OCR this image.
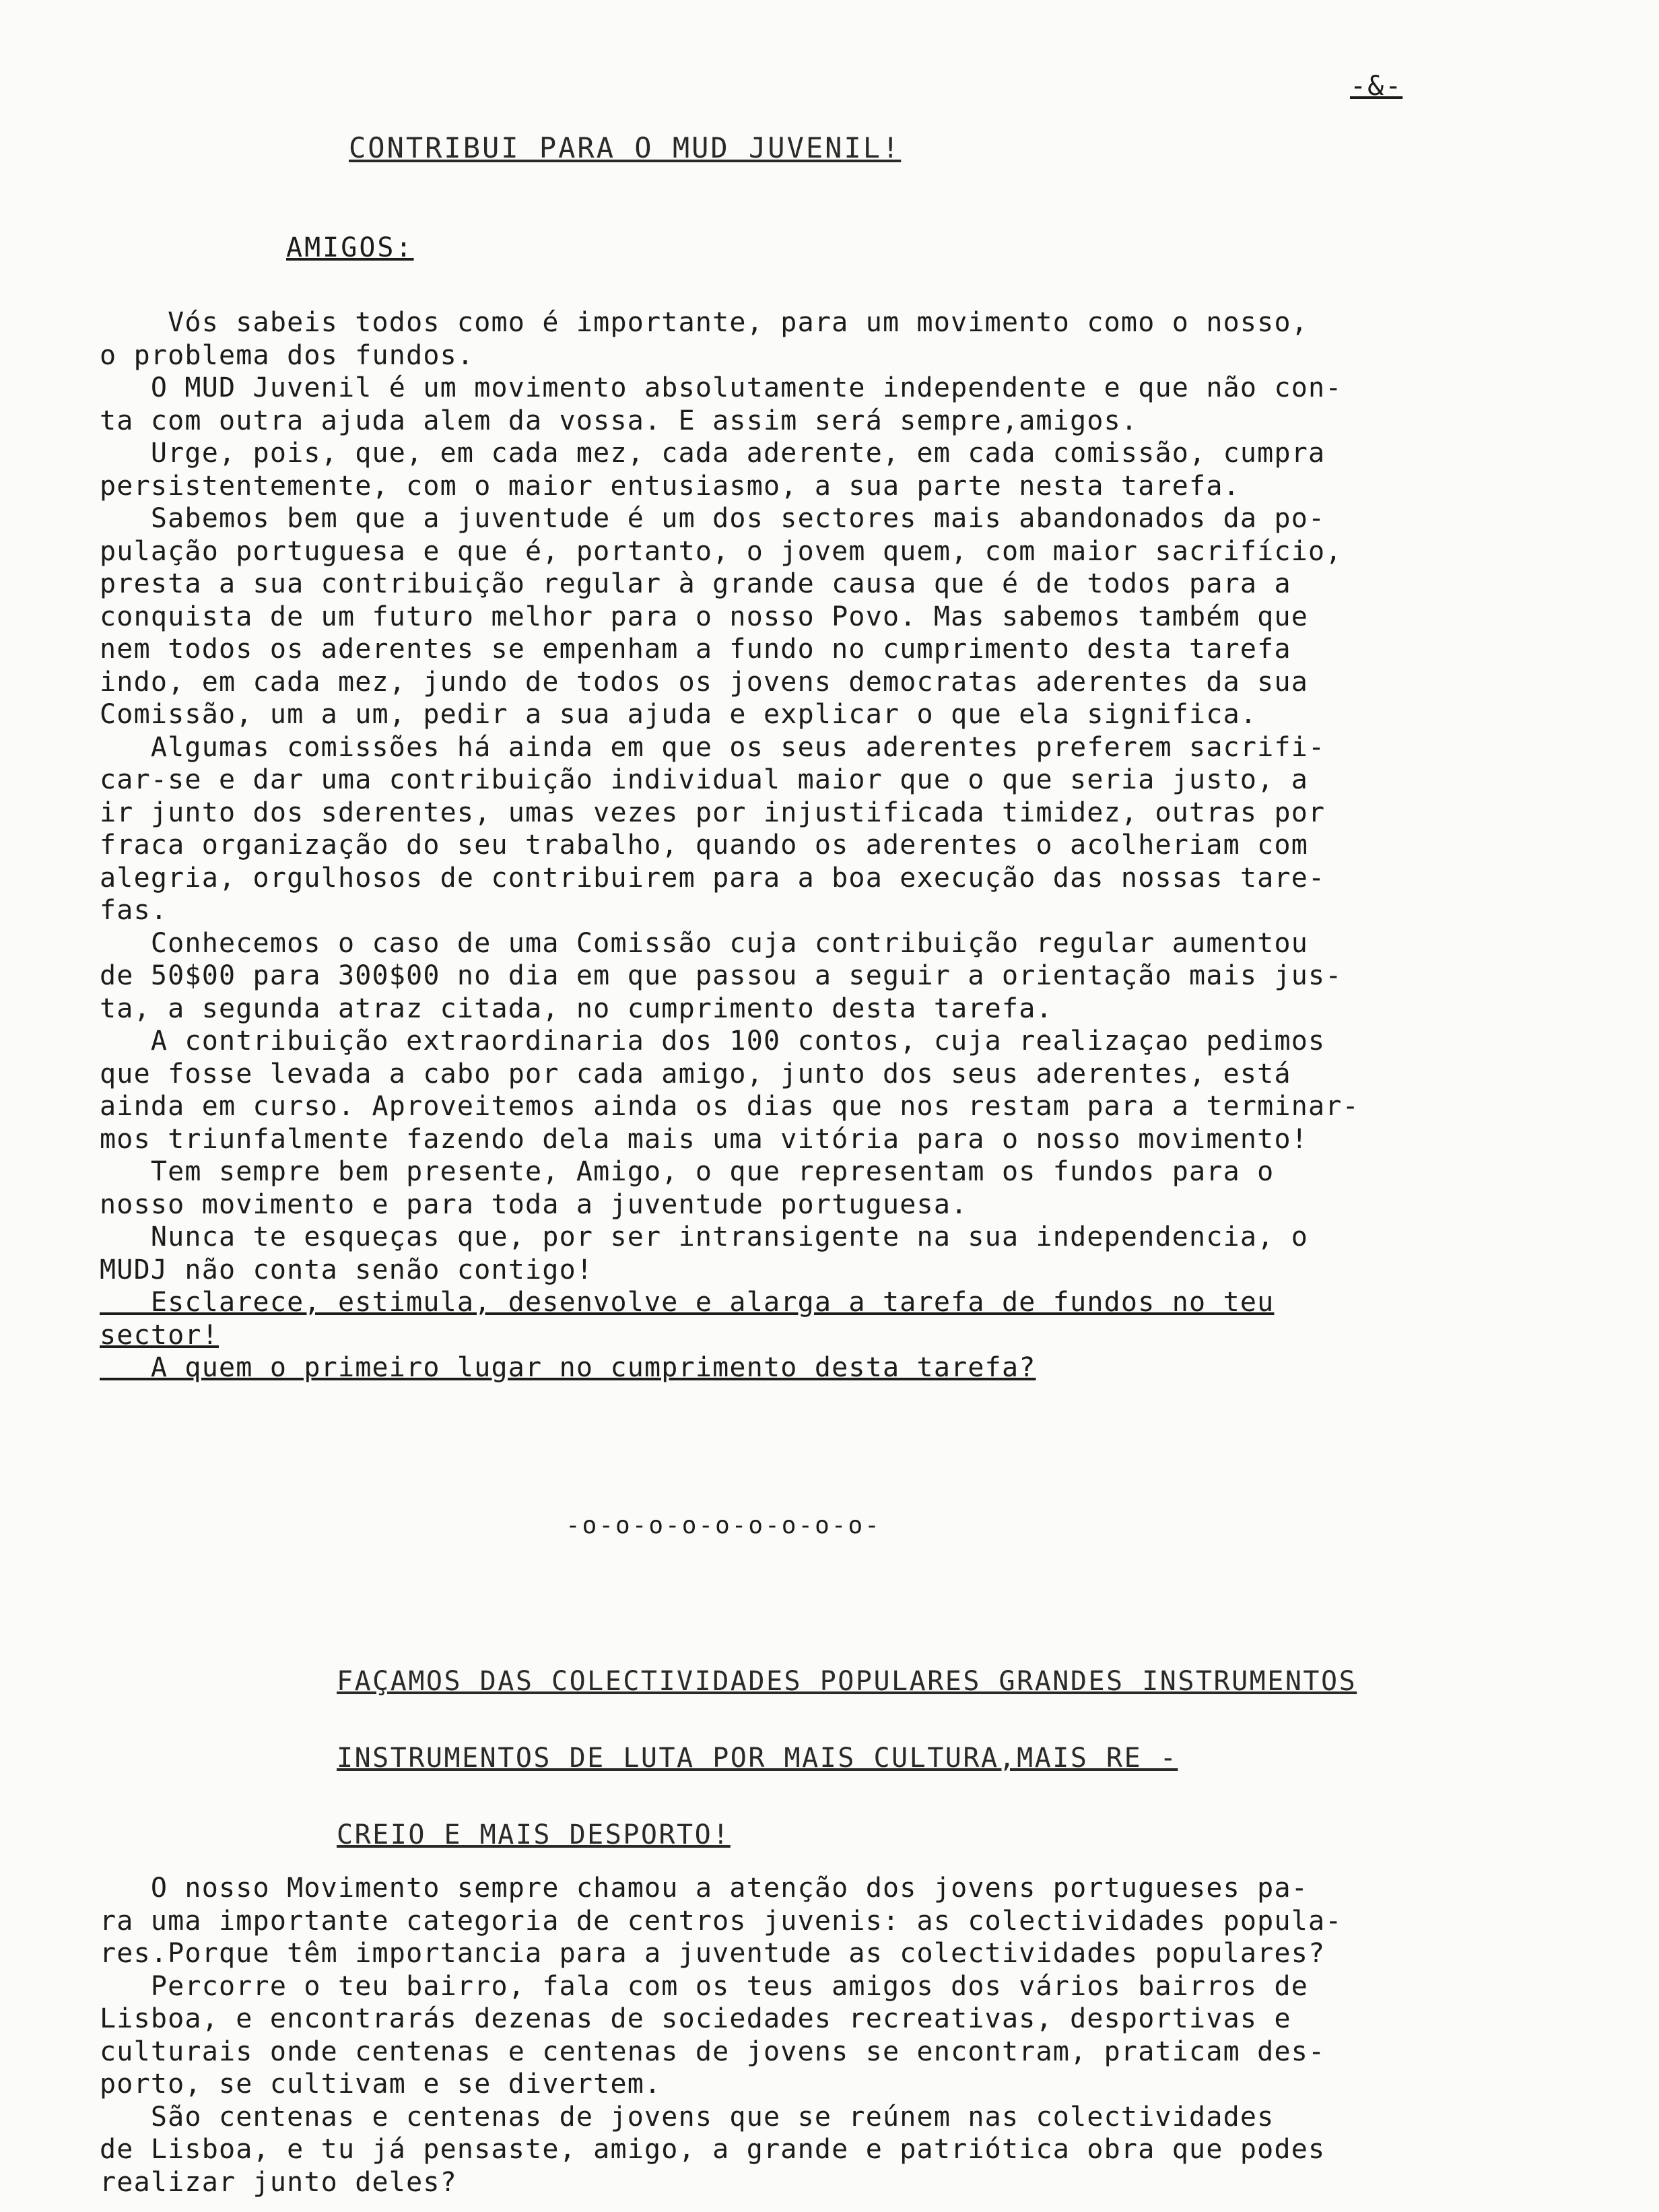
-&-
CONTRIBUI PARA O MUD JUVENIL!
AMIGOS:
Vós sabeis todos como é importante, para um movimento como o nosso,
o problema dos fundos.
O MUD Juvenil é um movimento absolutamente independente e que não con-
ta com outra ajuda alem da vossa. E assim será sempre,amigos.
Urge, pois, que, em cada mez, cada aderente, em cada comissão, cumpra
persistentemente, com o maior entusiasmo, a sua parte nesta tarefa.
Sabemos bem que a juventude é um dos sectores mais abandonados da po-
pulação portuguesa e que é, portanto, o jovem quem, com maior sacrifício,
presta a sua contribuição regular à grande causa que é de todos para a
conquista de um futuro melhor para o nosso Povo. Mas sabemos também que
nem todos os aderentes se empenham a fundo no cumprimento desta tarefa
indo, em cada mez, jundo de todos os jovens democratas aderentes da sua
Comissão, um a um, pedir a sua ajuda e explicar o que ela significa.
Algumas comissões há ainda em que os seus aderentes preferem sacrifi-
car-se e dar uma contribuição individual maior que o que seria justo, a
ir junto dos sderentes, umas vezes por injustificada timidez, outras por
fraca organização do seu trabalho, quando os aderentes o acolheriam com
alegria, orgulhosos de contribuirem para a boa execução das nossas tare-
fas.
Conhecemos o caso de uma Comissão cuja contribuição regular aumentou
de 50$00 para 300$00 no dia em que passou a seguir a orientação mais jus-
ta, a segunda atraz citada, no cumprimento desta tarefa.
A contribuição extraordinaria dos 100 contos, cuja realizaçao pedimos
que fosse levada a cabo por cada amigo, junto dos seus aderentes, está
ainda em curso. Aproveitemos ainda os dias que nos restam para a terminar-
mos triunfalmente fazendo dela mais uma vitória para o nosso movimento!
Tem sempre bem presente, Amigo, o que representam os fundos para o
nosso movimento e para toda a juventude portuguesa.
Nunca te esqueças que, por ser intransigente na sua independencia, o
MUDJ não conta senão contigo!
Esclarece, estimula, desenvolve e alarga a tarefa de fundos no teu
sector!
A quem o primeiro lugar no cumprimento desta tarefa?
-o-o-o-o-o-o-o-o-o-
FAÇAMOS DAS COLECTIVIDADES POPULARES GRANDES INSTRUMENTOS
INSTRUMENTOS DE LUTA POR MAIS CULTURA,MAIS RE -
CREIO E MAIS DESPORTO!
O nosso Movimento sempre chamou a atenção dos jovens portugueses pa-
ra uma importante categoria de centros juvenis: as colectividades popula-
res.Porque têm importancia para a juventude as colectividades populares?
Percorre o teu bairro, fala com os teus amigos dos vários bairros de
Lisboa, e encontrarás dezenas de sociedades recreativas, desportivas e
culturais onde centenas e centenas de jovens se encontram, praticam des-
porto, se cultivam e se divertem.
São centenas e centenas de jovens que se reúnem nas colectividades
de Lisboa, e tu já pensaste, amigo, a grande e patriótica obra que podes
realizar junto deles?
